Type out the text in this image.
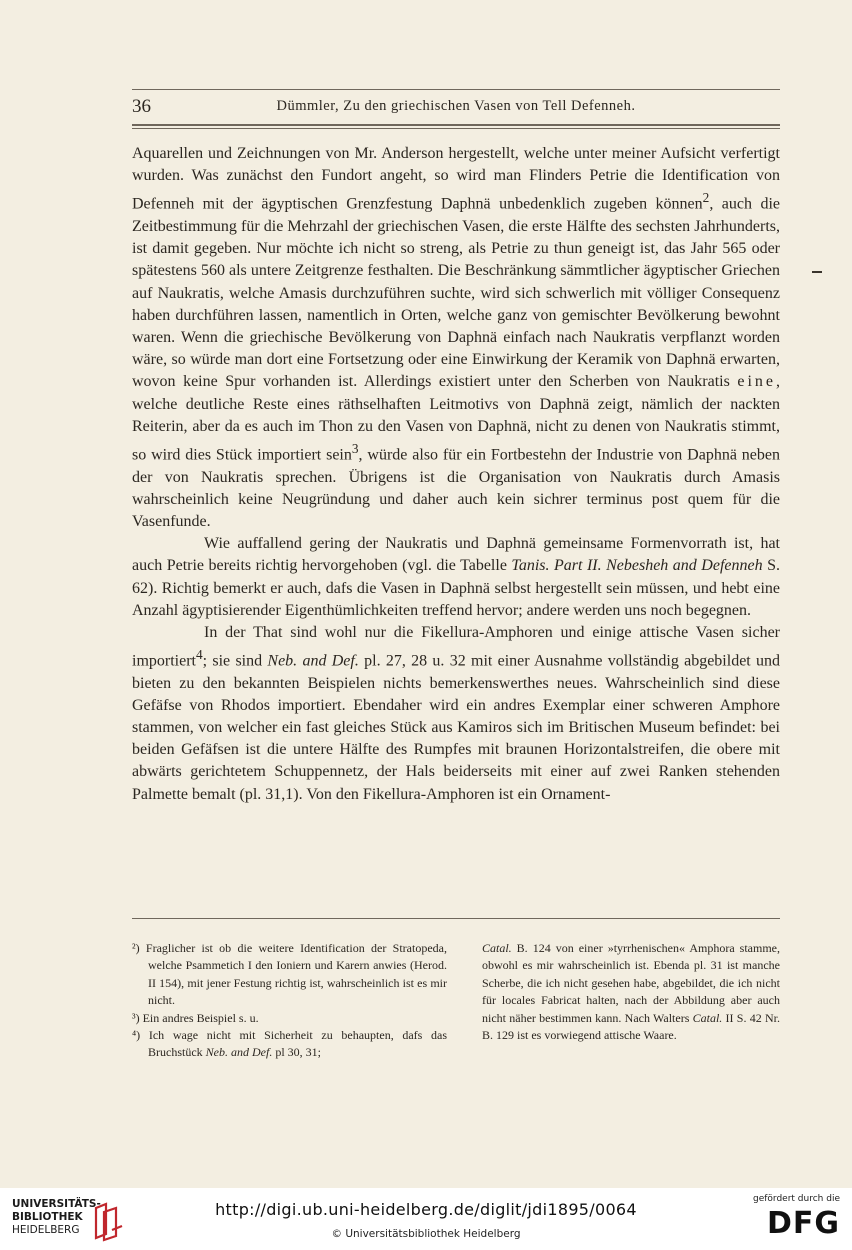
36	Dümmler, Zu den griechischen Vasen von Tell Defenneh.

Aquarellen und Zeichnungen von Mr. Anderson hergestellt, welche unter meiner Aufsicht verfertigt wurden. Was zunächst den Fundort angeht, so wird man Flinders Petrie die Identification von Defenneh mit der ägyptischen Grenzfestung Daphnä unbedenklich zugeben können$^2$, auch die Zeitbestimmung für die Mehrzahl der griechischen Vasen, die erste Hälfte des sechsten Jahrhunderts, ist damit gegeben. Nur möchte ich nicht so streng, als Petrie zu thun geneigt ist, das Jahr 565 oder spätestens 560 als untere Zeitgrenze festhalten. Die Beschränkung sämmtlicher ägyptischer Griechen auf Naukratis, welche Amasis durchzuführen suchte, wird sich schwerlich mit völliger Consequenz haben durchführen lassen, namentlich in Orten, welche ganz von gemischter Bevölkerung bewohnt waren. Wenn die griechische Bevölkerung von Daphnä einfach nach Naukratis verpflanzt worden wäre, so würde man dort eine Fortsetzung oder eine Einwirkung der Keramik von Daphnä erwarten, wovon keine Spur vorhanden ist. Allerdings existiert unter den Scherben von Naukratis eine, welche deutliche Reste eines räthselhaften Leitmotivs von Daphnä zeigt, nämlich der nackten Reiterin, aber da es auch im Thon zu den Vasen von Daphnä, nicht zu denen von Naukratis stimmt, so wird dies Stück importiert sein$^3$, würde also für ein Fortbestehn der Industrie von Daphnä neben der von Naukratis sprechen. Übrigens ist die Organisation von Naukratis durch Amasis wahrscheinlich keine Neugründung und daher auch kein sichrer terminus post quem für die Vasenfunde.

Wie auffallend gering der Naukratis und Daphnä gemeinsame Formenvorrath ist, hat auch Petrie bereits richtig hervorgehoben (vgl. die Tabelle Tanis. Part II. Nebesheh and Defenneh S. 62). Richtig bemerkt er auch, dafs die Vasen in Daphnä selbst hergestellt sein müssen, und hebt eine Anzahl ägyptisierender Eigenthümlichkeiten treffend hervor; andere werden uns noch begegnen.

In der That sind wohl nur die Fikellura-Amphoren und einige attische Vasen sicher importiert$^4$; sie sind Neb. and Def. pl. 27, 28 u. 32 mit einer Ausnahme vollständig abgebildet und bieten zu den bekannten Beispielen nichts bemerkenswerthes neues. Wahrscheinlich sind diese Gefäfse von Rhodos importiert. Ebendaher wird ein andres Exemplar einer schweren Amphore stammen, von welcher ein fast gleiches Stück aus Kamiros sich im Britischen Museum befindet: bei beiden Gefäfsen ist die untere Hälfte des Rumpfes mit braunen Horizontalstreifen, die obere mit abwärts gerichtetem Schuppennetz, der Hals beiderseits mit einer auf zwei Ranken stehenden Palmette bemalt (pl. 31,1). Von den Fikellura-Amphoren ist ein Ornament-

²) Fraglicher ist ob die weitere Identification der Stratopeda, welche Psammetich I den Ioniern und Karern anwies (Herod. II 154), mit jener Festung richtig ist, wahrscheinlich ist es mir nicht.

³) Ein andres Beispiel s. u.

⁴) Ich wage nicht mit Sicherheit zu behaupten, dafs das Bruchstück Neb. and Def. pl 30, 31;

Catal. B. 124 von einer »tyrrhenischen« Amphora stamme, obwohl es mir wahrscheinlich ist. Ebenda pl. 31 ist manche Scherbe, die ich nicht gesehen habe, abgebildet, die ich nicht für locales Fabricat halten, nach der Abbildung aber auch nicht näher bestimmen kann. Nach Walters Catal. II S. 42 Nr. B. 129 ist es vorwiegend attische Waare.

UNIVERSITÄTS-
BIBLIOTHEK
HEIDELBERG
http://digi.ub.uni-heidelberg.de/diglit/jdi1895/0064
© Universitätsbibliothek Heidelberg
gefördert durch die
DFG
